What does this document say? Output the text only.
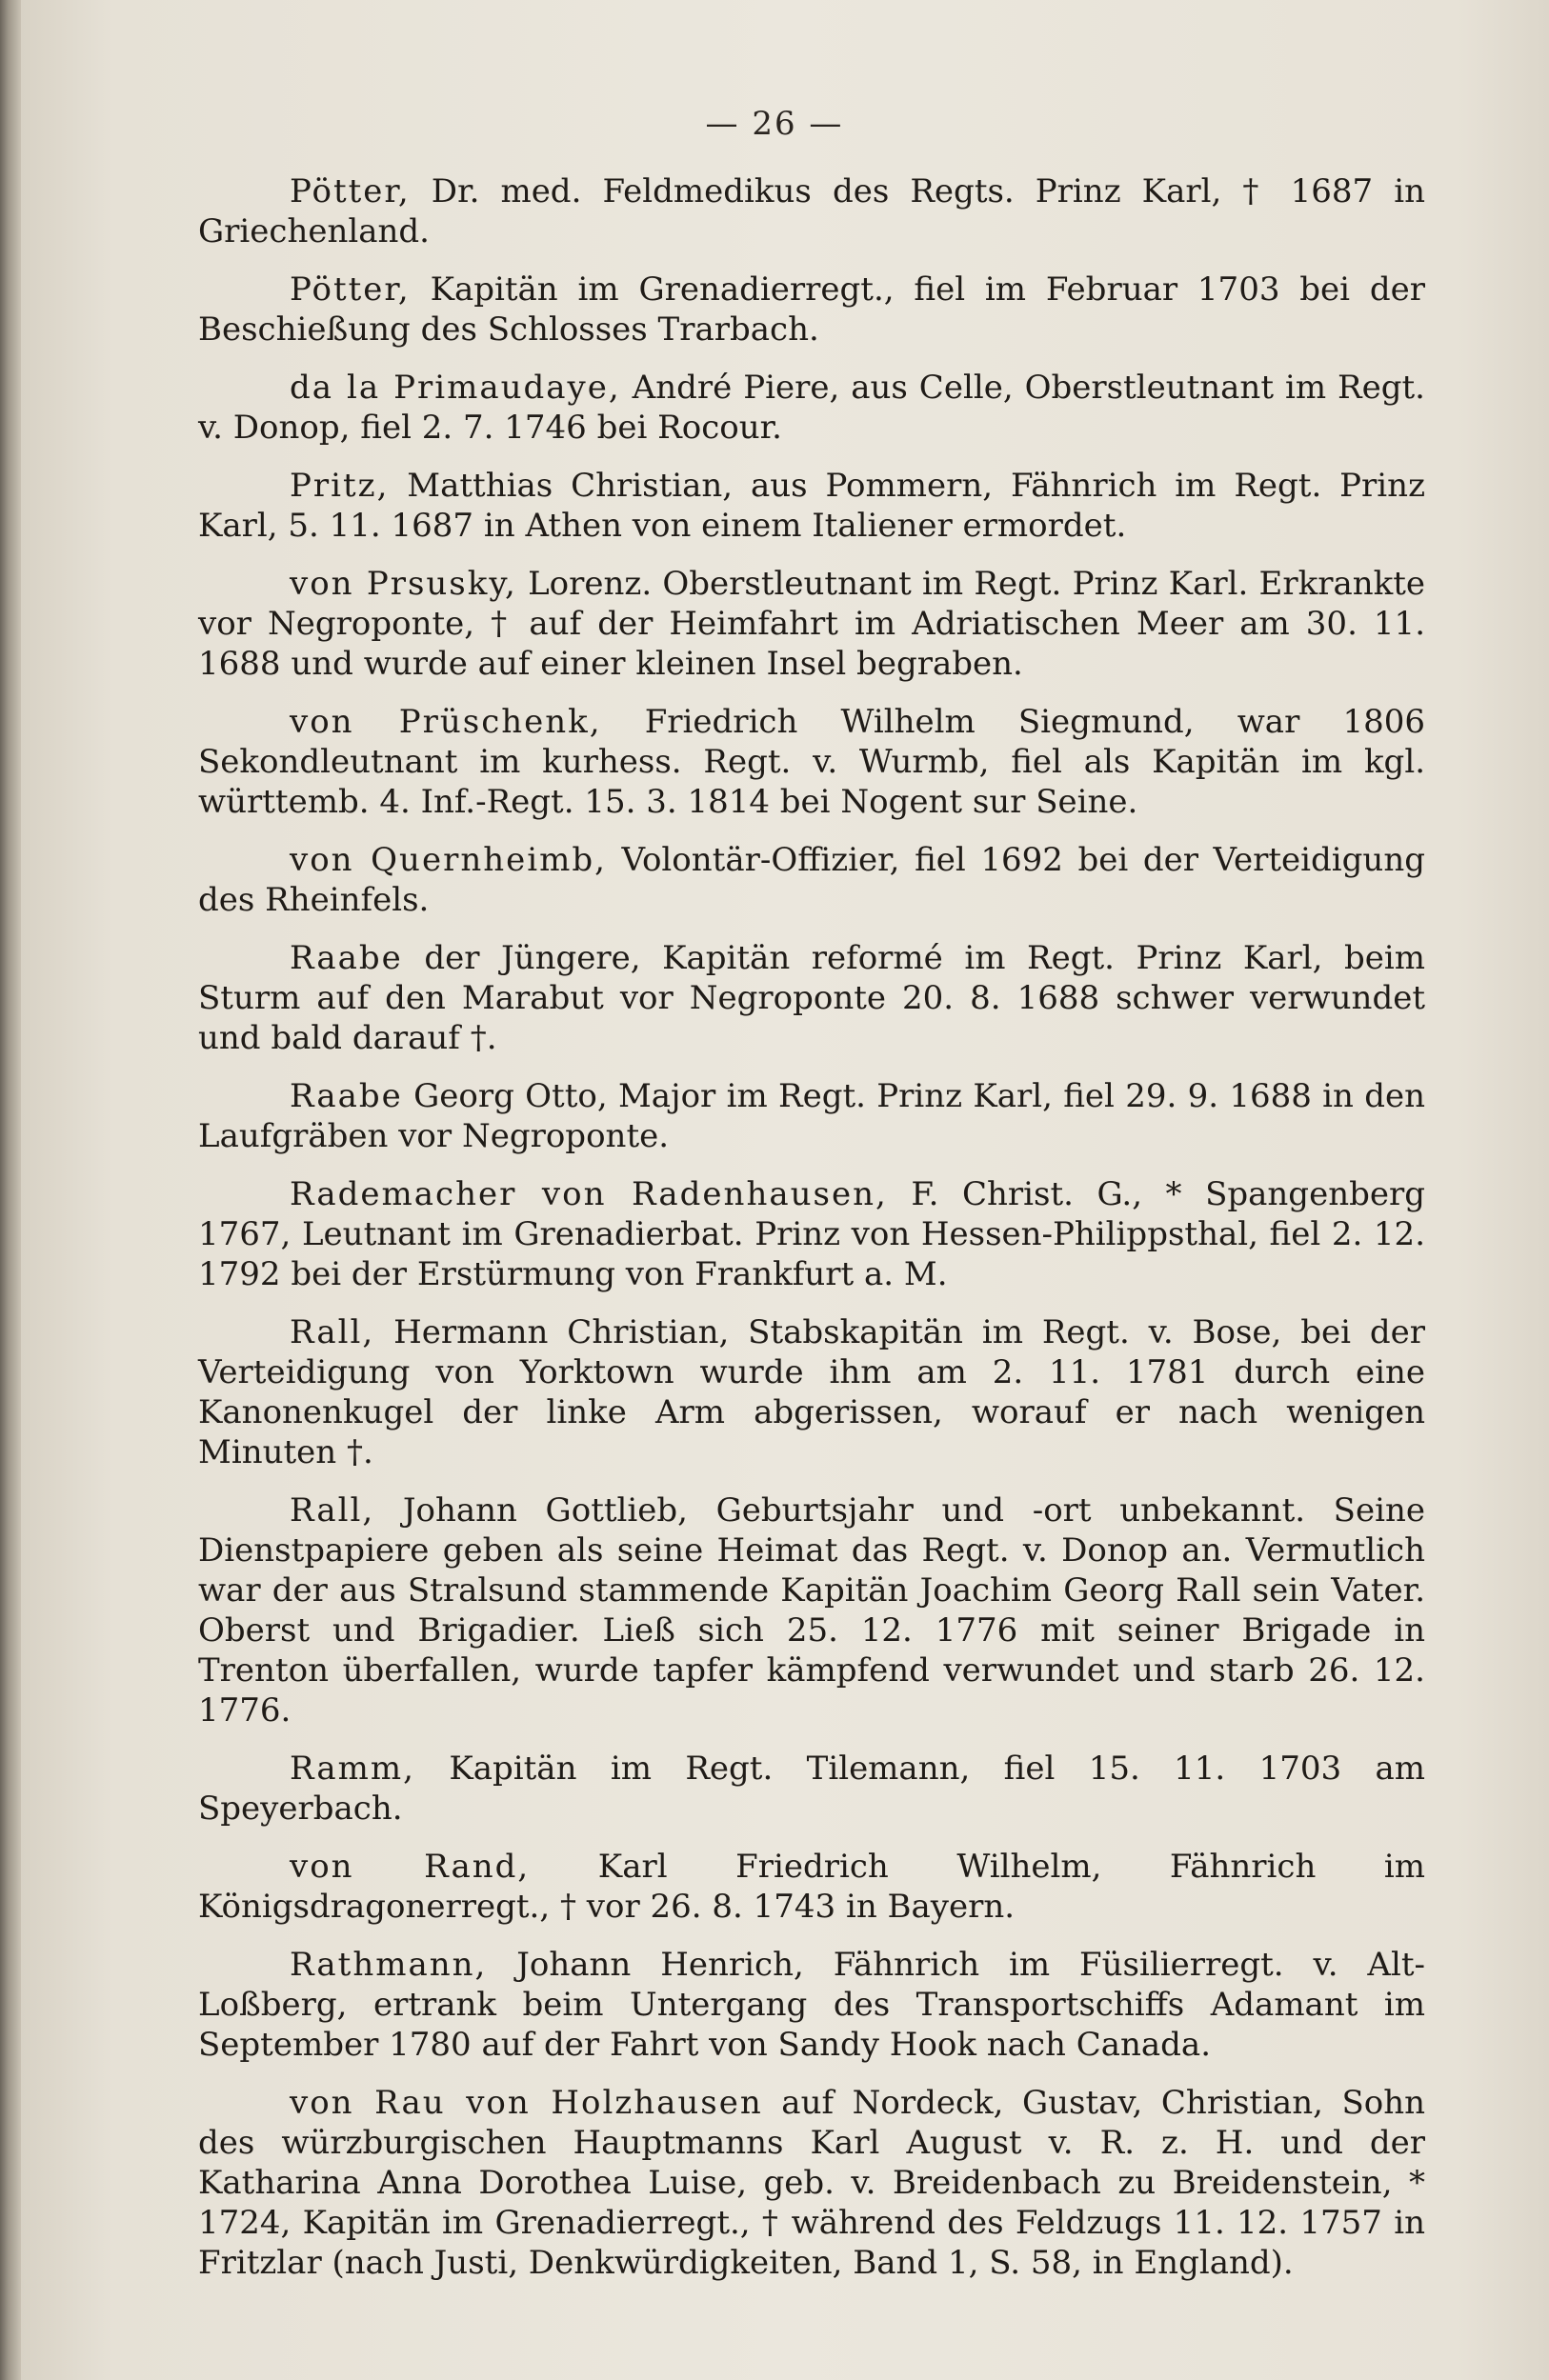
— 26 —

Pötter, Dr. med. Feldmedikus des Regts. Prinz Karl, † 1687 in Griechenland.

Pötter, Kapitän im Grenadierregt., fiel im Februar 1703 bei der Beschießung des Schlosses Trarbach.

da la Primaudaye, André Piere, aus Celle, Oberstleutnant im Regt. v. Donop, fiel 2. 7. 1746 bei Rocour.

Pritz, Matthias Christian, aus Pommern, Fähnrich im Regt. Prinz Karl, 5. 11. 1687 in Athen von einem Italiener ermordet.

von Prsusky, Lorenz. Oberstleutnant im Regt. Prinz Karl. Erkrankte vor Negroponte, † auf der Heimfahrt im Adriatischen Meer am 30. 11. 1688 und wurde auf einer kleinen Insel begraben.

von Prüschenk, Friedrich Wilhelm Siegmund, war 1806 Sekondleutnant im kurhess. Regt. v. Wurmb, fiel als Kapitän im kgl. württemb. 4. Inf.-Regt. 15. 3. 1814 bei Nogent sur Seine.

von Quernheimb, Volontär-Offizier, fiel 1692 bei der Verteidigung des Rheinfels.

Raabe der Jüngere, Kapitän reformé im Regt. Prinz Karl, beim Sturm auf den Marabut vor Negroponte 20. 8. 1688 schwer verwundet und bald darauf †.

Raabe Georg Otto, Major im Regt. Prinz Karl, fiel 29. 9. 1688 in den Laufgräben vor Negroponte.

Rademacher von Radenhausen, F. Christ. G., * Spangenberg 1767, Leutnant im Grenadierbat. Prinz von Hessen-Philippsthal, fiel 2. 12. 1792 bei der Erstürmung von Frankfurt a. M.

Rall, Hermann Christian, Stabskapitän im Regt. v. Bose, bei der Verteidigung von Yorktown wurde ihm am 2. 11. 1781 durch eine Kanonenkugel der linke Arm abgerissen, worauf er nach wenigen Minuten †.

Rall, Johann Gottlieb, Geburtsjahr und -ort unbekannt. Seine Dienstpapiere geben als seine Heimat das Regt. v. Donop an. Vermutlich war der aus Stralsund stammende Kapitän Joachim Georg Rall sein Vater. Oberst und Brigadier. Ließ sich 25. 12. 1776 mit seiner Brigade in Trenton überfallen, wurde tapfer kämpfend verwundet und starb 26. 12. 1776.

Ramm, Kapitän im Regt. Tilemann, fiel 15. 11. 1703 am Speyerbach.

von Rand, Karl Friedrich Wilhelm, Fähnrich im Königsdragonerregt., † vor 26. 8. 1743 in Bayern.

Rathmann, Johann Henrich, Fähnrich im Füsilierregt. v. Alt-Loßberg, ertrank beim Untergang des Transportschiffs Adamant im September 1780 auf der Fahrt von Sandy Hook nach Canada.

von Rau von Holzhausen auf Nordeck, Gustav, Christian, Sohn des würzburgischen Hauptmanns Karl August v. R. z. H. und der Katharina Anna Dorothea Luise, geb. v. Breidenbach zu Breidenstein, * 1724, Kapitän im Grenadierregt., † während des Feldzugs 11. 12. 1757 in Fritzlar (nach Justi, Denkwürdigkeiten, Band 1, S. 58, in England).
